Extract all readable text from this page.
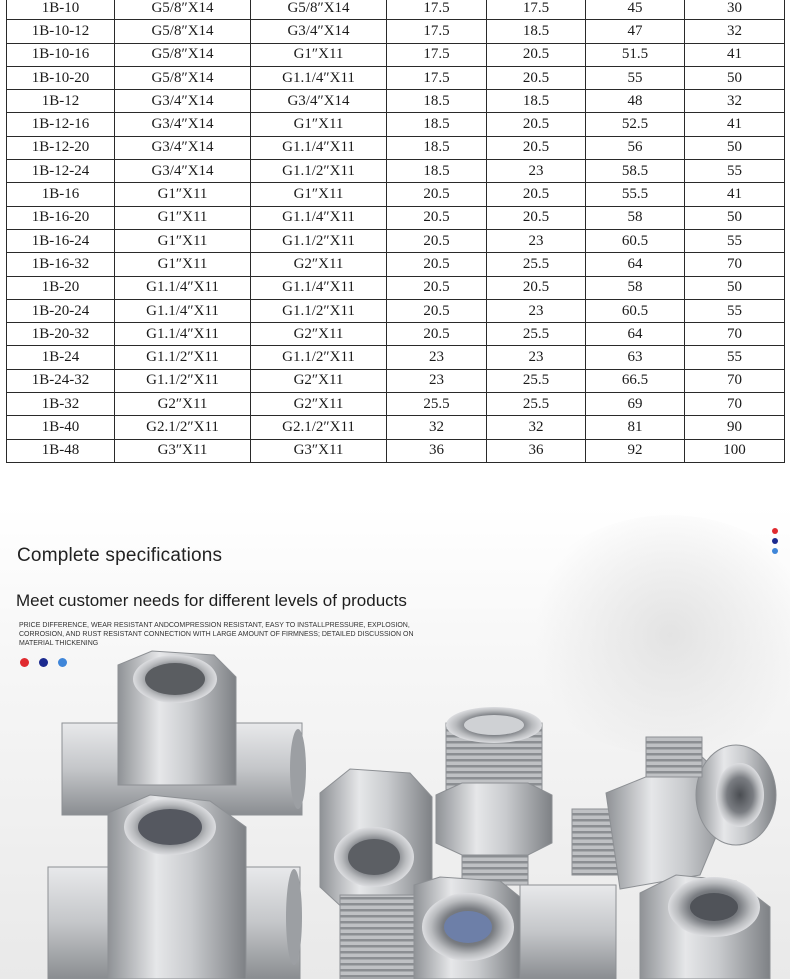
1B-10	G5/8″X14	G5/8″X14	17.5	17.5	45	30
1B-10-12	G5/8″X14	G3/4″X14	17.5	18.5	47	32
1B-10-16	G5/8″X14	G1″X11	17.5	20.5	51.5	41
1B-10-20	G5/8″X14	G1.1/4″X11	17.5	20.5	55	50
1B-12	G3/4″X14	G3/4″X14	18.5	18.5	48	32
1B-12-16	G3/4″X14	G1″X11	18.5	20.5	52.5	41
1B-12-20	G3/4″X14	G1.1/4″X11	18.5	20.5	56	50
1B-12-24	G3/4″X14	G1.1/2″X11	18.5	23	58.5	55
1B-16	G1″X11	G1″X11	20.5	20.5	55.5	41
1B-16-20	G1″X11	G1.1/4″X11	20.5	20.5	58	50
1B-16-24	G1″X11	G1.1/2″X11	20.5	23	60.5	55
1B-16-32	G1″X11	G2″X11	20.5	25.5	64	70
1B-20	G1.1/4″X11	G1.1/4″X11	20.5	20.5	58	50
1B-20-24	G1.1/4″X11	G1.1/2″X11	20.5	23	60.5	55
1B-20-32	G1.1/4″X11	G2″X11	20.5	25.5	64	70
1B-24	G1.1/2″X11	G1.1/2″X11	23	23	63	55
1B-24-32	G1.1/2″X11	G2″X11	23	25.5	66.5	70
1B-32	G2″X11	G2″X11	25.5	25.5	69	70
1B-40	G2.1/2″X11	G2.1/2″X11	32	32	81	90
1B-48	G3″X11	G3″X11	36	36	92	100
Complete specifications
Meet customer needs for different levels of products

PRICE DIFFERENCE, WEAR RESISTANT ANDCOMPRESSION RESISTANT, EASY TO INSTALLPRESSURE, EXPLOSION, CORROSION, AND RUST RESISTANT CONNECTION WITH LARGE AMOUNT OF FIRMNESS; DETAILED DISCUSSION ON MATERIAL THICKENING
